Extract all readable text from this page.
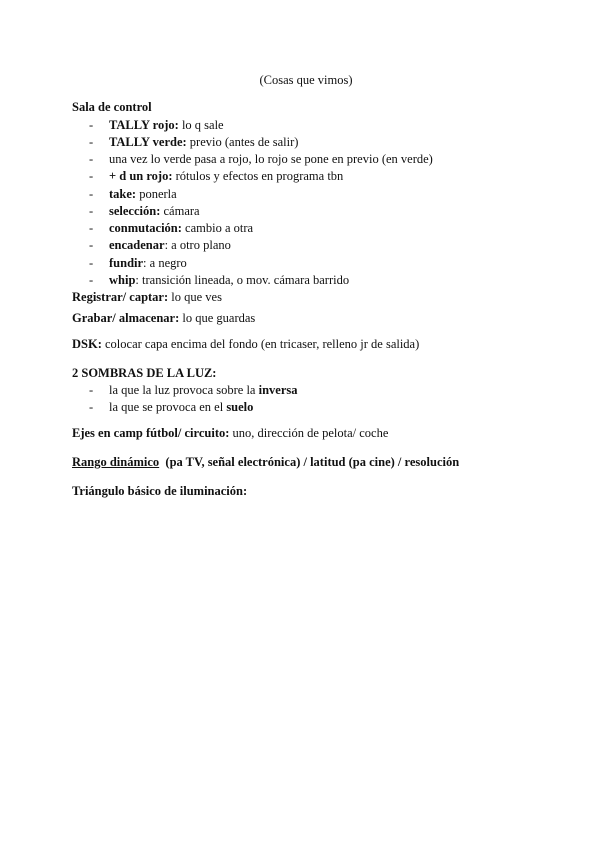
(Cosas que vimos)

Sala de control

- TALLY rojo: lo q sale
- TALLY verde: previo (antes de salir)
- una vez lo verde pasa a rojo, lo rojo se pone en previo (en verde)
- + d un rojo: rótulos y efectos en programa tbn
- take: ponerla
- selección: cámara
- conmutación: cambio a otra
- encadenar: a otro plano
- fundir: a negro
- whip: transición lineada, o mov. cámara barrido

Registrar/ captar: lo que ves

Grabar/ almacenar: lo que guardas

DSK: colocar capa encima del fondo (en tricaser, relleno jr de salida)

2 SOMBRAS DE LA LUZ:

- la que la luz provoca sobre la inversa
- la que se provoca en el suelo

Ejes en camp fútbol/ circuito: uno, dirección de pelota/ coche

Rango dinámico  (pa TV, señal electrónica) / latitud (pa cine) / resolución

Triángulo básico de iluminación:
